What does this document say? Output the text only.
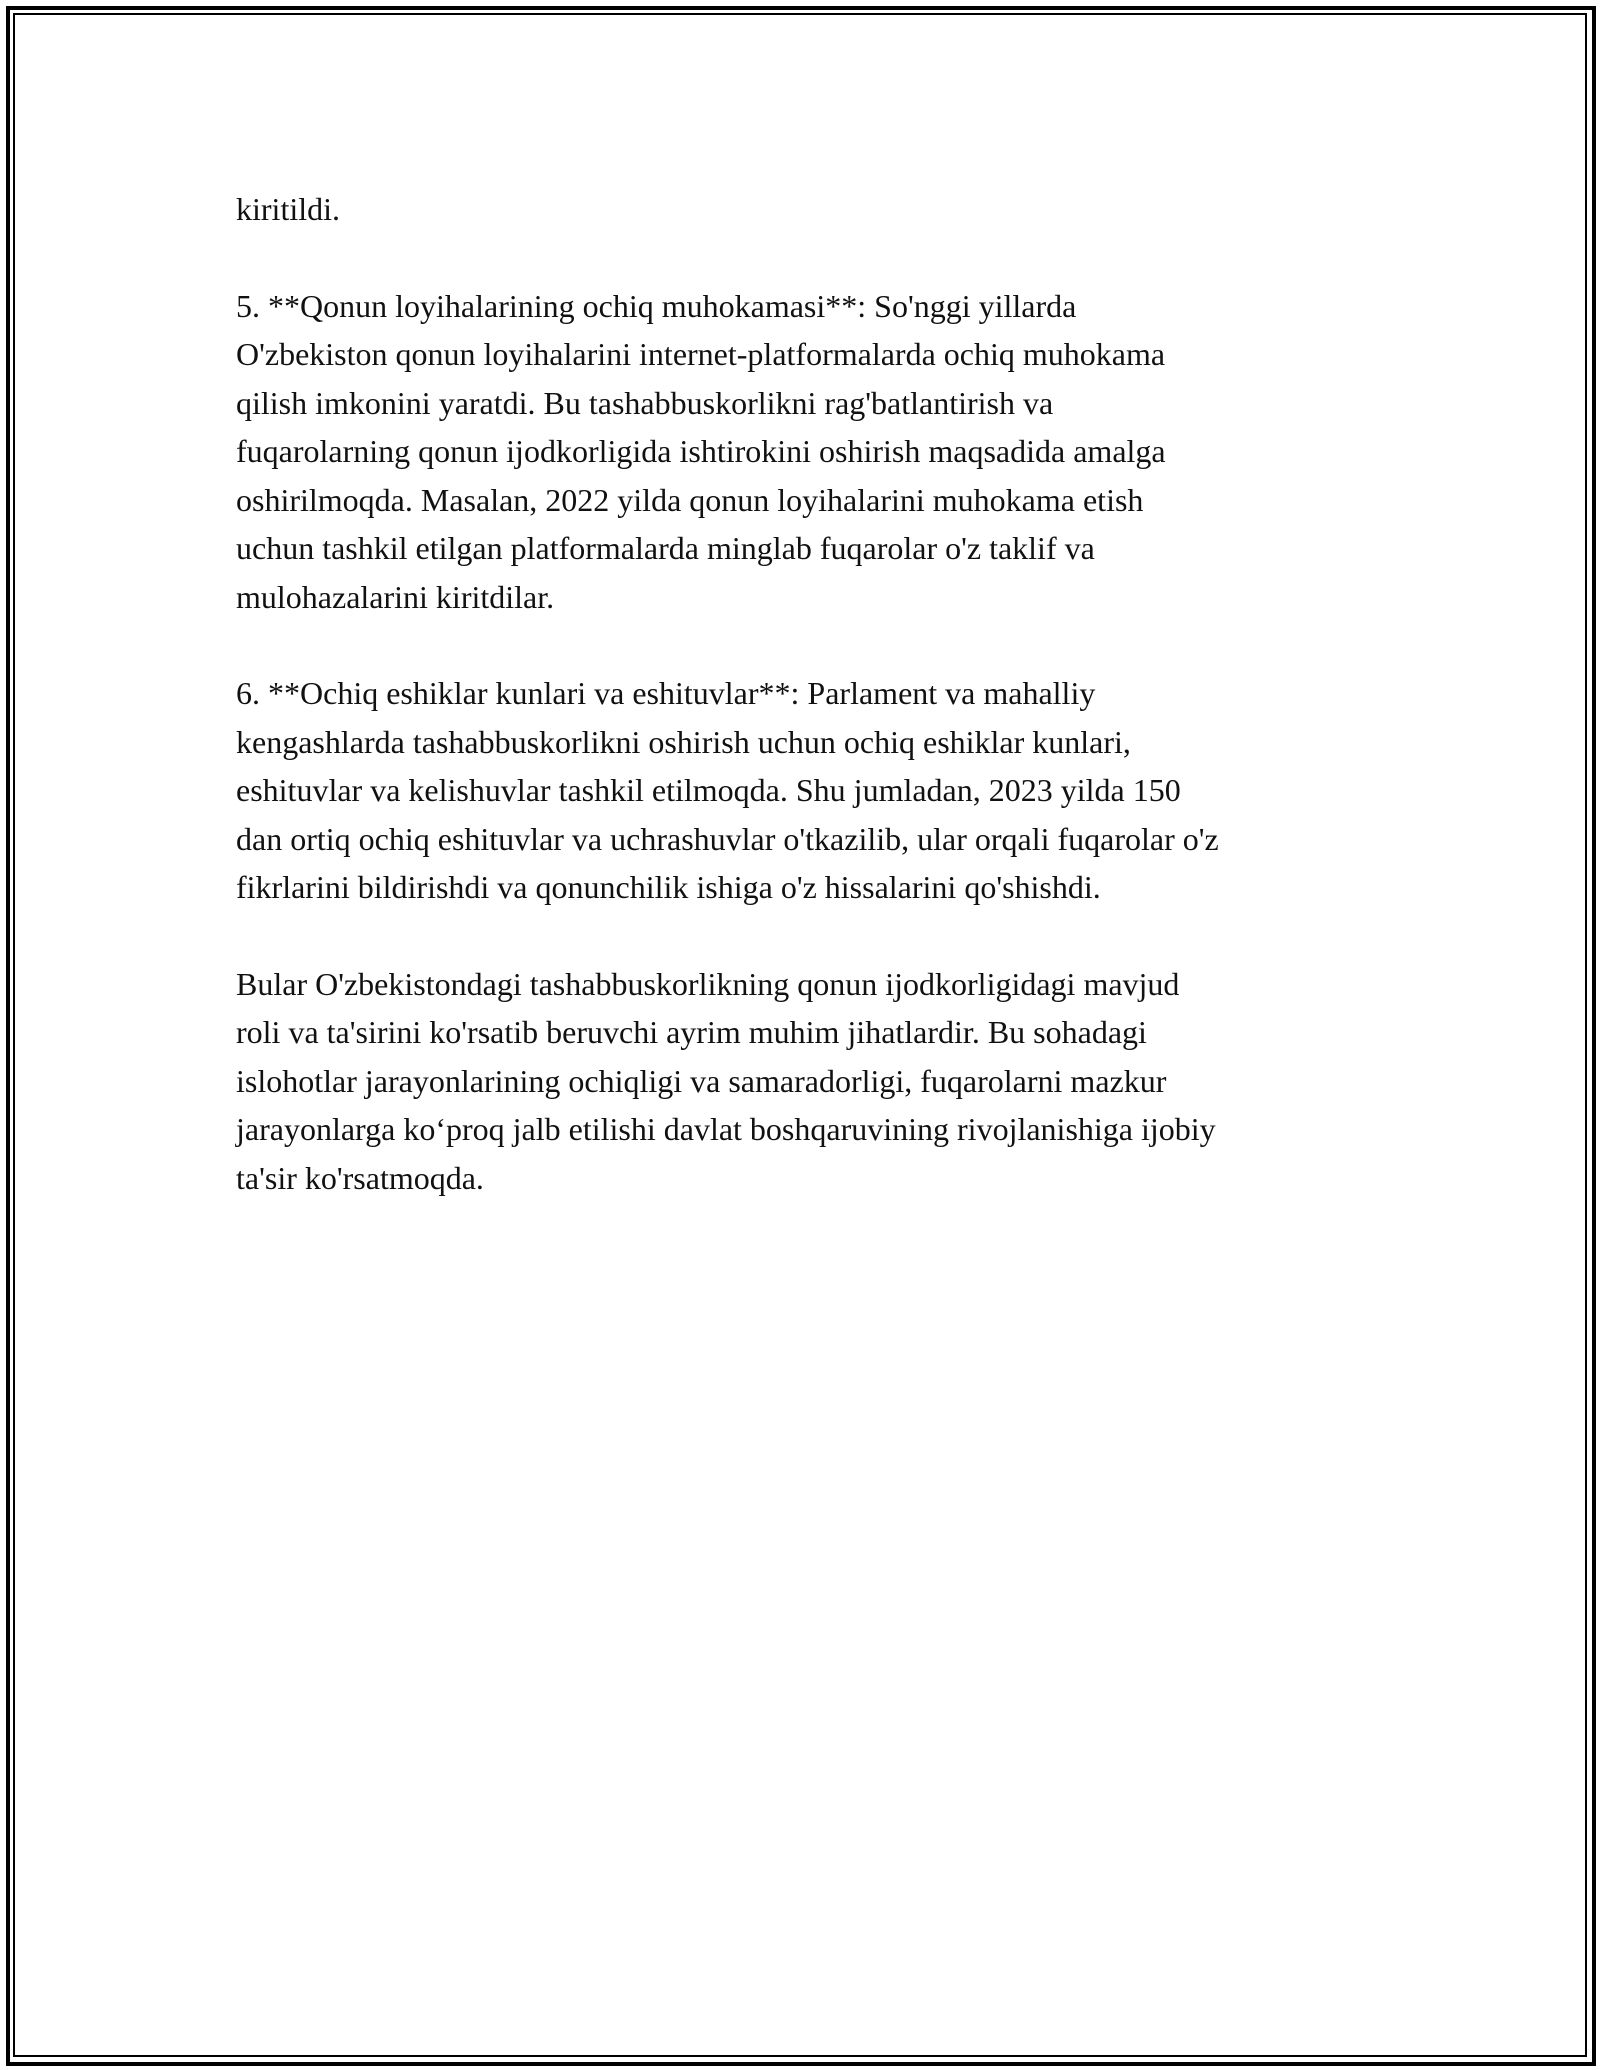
kiritildi.

5. **Qonun loyihalarining ochiq muhokamasi**: So'nggi yillarda
O'zbekiston qonun loyihalarini internet-platformalarda ochiq muhokama
qilish imkonini yaratdi. Bu tashabbuskorlikni rag'batlantirish va
fuqarolarning qonun ijodkorligida ishtirokini oshirish maqsadida amalga
oshirilmoqda. Masalan, 2022 yilda qonun loyihalarini muhokama etish
uchun tashkil etilgan platformalarda minglab fuqarolar o'z taklif va
mulohazalarini kiritdilar.

6. **Ochiq eshiklar kunlari va eshituvlar**: Parlament va mahalliy
kengashlarda tashabbuskorlikni oshirish uchun ochiq eshiklar kunlari,
eshituvlar va kelishuvlar tashkil etilmoqda. Shu jumladan, 2023 yilda 150
dan ortiq ochiq eshituvlar va uchrashuvlar o'tkazilib, ular orqali fuqarolar o'z
fikrlarini bildirishdi va qonunchilik ishiga o'z hissalarini qo'shishdi.

Bular O'zbekistondagi tashabbuskorlikning qonun ijodkorligidagi mavjud
roli va ta'sirini ko'rsatib beruvchi ayrim muhim jihatlardir. Bu sohadagi
islohotlar jarayonlarining ochiqligi va samaradorligi, fuqarolarni mazkur
jarayonlarga ko‘proq jalb etilishi davlat boshqaruvining rivojlanishiga ijobiy
ta'sir ko'rsatmoqda.
